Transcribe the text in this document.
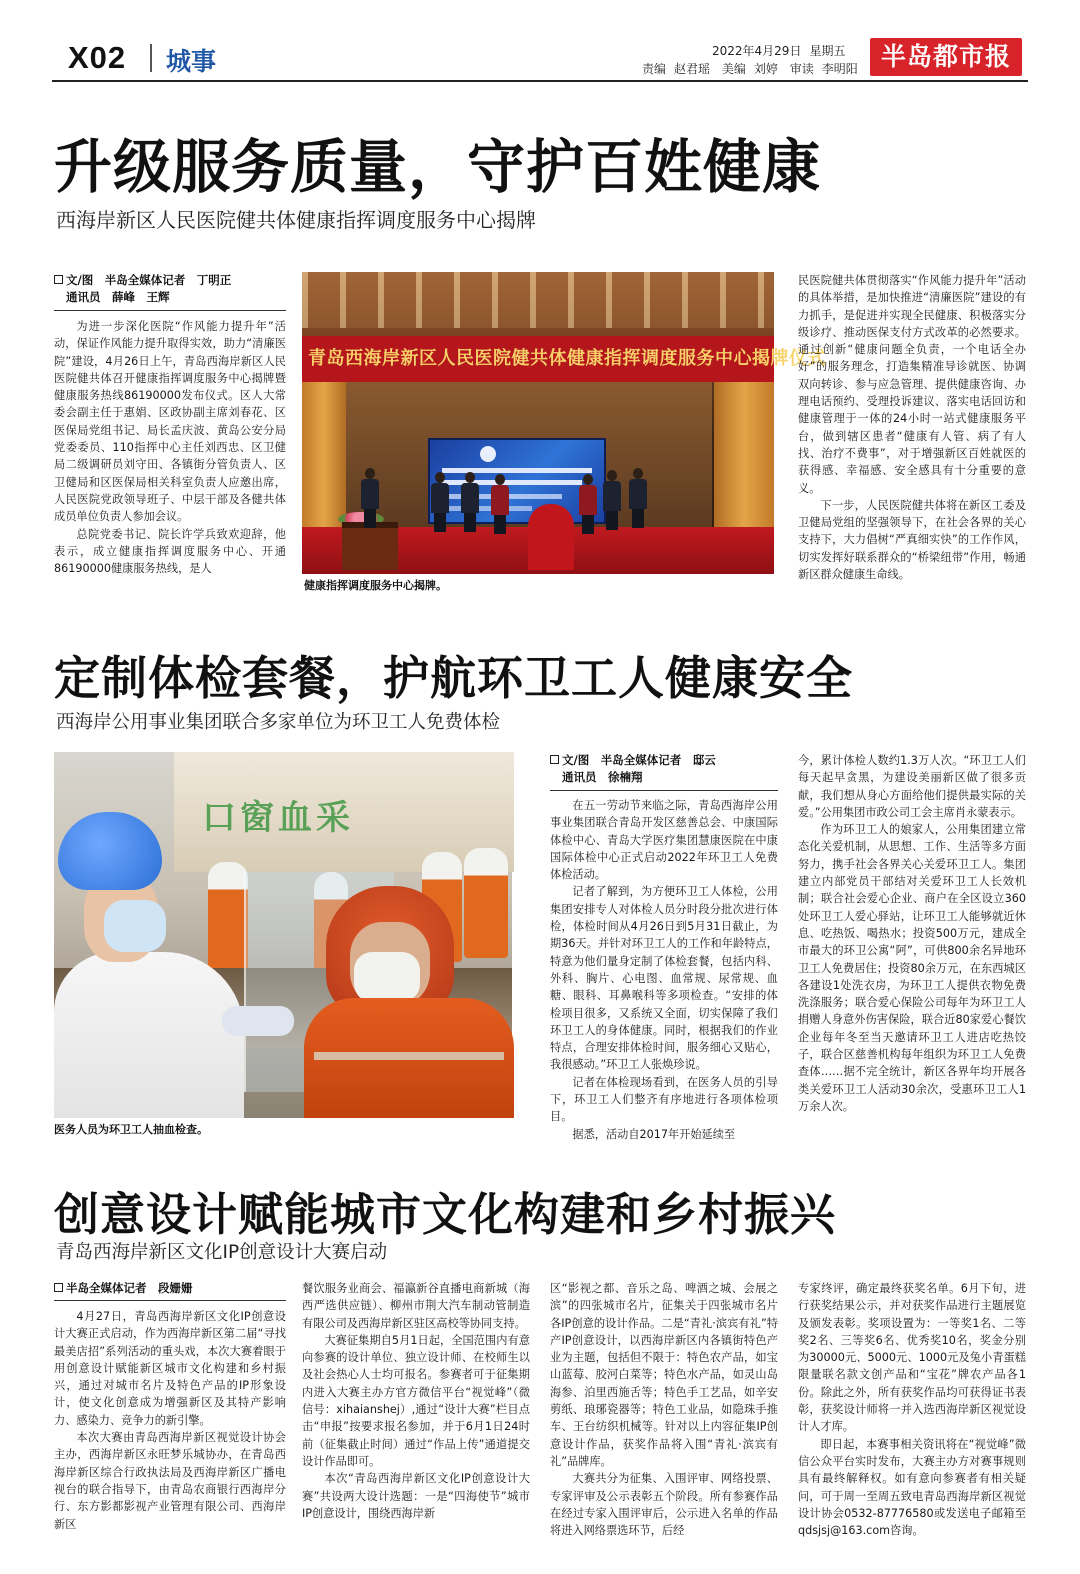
X02 城事	2022年4月29日 星期五
责编 赵君瑶 美编 刘婷 审读 李明阳 半岛都市报
升级服务质量，守护百姓健康
西海岸新区人民医院健共体健康指挥调度服务中心揭牌
文/图　半岛全媒体记者　丁明正
通讯员　薛峰　王辉

为进一步深化医院“作风能力提升年”活动，保证作风能力提升取得实效，助力“清廉医院”建设，4月26日上午，青岛西海岸新区人民医院健共体召开健康指挥调度服务中心揭牌暨健康服务热线86190000发布仪式。区人大常委会副主任于惠娟、区政协副主席刘春花、区医保局党组书记、局长孟庆波、黄岛公安分局党委委员、110指挥中心主任刘西忠、区卫健局二级调研员刘守田、各镇街分管负责人、区卫健局和区医保局相关科室负责人应邀出席，人民医院党政领导班子、中层干部及各健共体成员单位负责人参加会议。

总院党委书记、院长许学兵致欢迎辞，他表示，成立健康指挥调度服务中心、开通86190000健康服务热线，是人

青岛西海岸新区人民医院健共体健康指挥调度服务中心揭牌仪式
健康指挥调度服务中心揭牌。

民医院健共体贯彻落实“作风能力提升年”活动的具体举措，是加快推进“清廉医院”建设的有力抓手，是促进并实现全民健康、积极落实分级诊疗、推动医保支付方式改革的必然要求。通过创新“健康问题全负责，一个电话全办好”的服务理念，打造集精准导诊就医、协调双向转诊、参与应急管理、提供健康咨询、办理电话预约、受理投诉建议、落实电话回访和健康管理于一体的24小时一站式健康服务平台，做到辖区患者“健康有人管、病了有人找、治疗不费事”，对于增强新区百姓就医的获得感、幸福感、安全感具有十分重要的意义。

下一步，人民医院健共体将在新区工委及卫健局党组的坚强领导下，在社会各界的关心支持下，大力倡树“严真细实快”的工作作风，切实发挥好联系群众的“桥梁纽带”作用，畅通新区群众健康生命线。

定制体检套餐，护航环卫工人健康安全
西海岸公用事业集团联合多家单位为环卫工人免费体检
口窗血采
医务人员为环卫工人抽血检查。
文/图　半岛全媒体记者　邸云
通讯员　徐楠翔

在五一劳动节来临之际，青岛西海岸公用事业集团联合青岛开发区慈善总会、中康国际体检中心、青岛大学医疗集团慧康医院在中康国际体检中心正式启动2022年环卫工人免费体检活动。

记者了解到，为方便环卫工人体检，公用集团安排专人对体检人员分时段分批次进行体检，体检时间从4月26日到5月31日截止，为期36天。并针对环卫工人的工作和年龄特点，特意为他们量身定制了体检套餐，包括内科、外科、胸片、心电图、血常规、尿常规、血糖、眼科、耳鼻喉科等多项检查。“安排的体检项目很多，又系统又全面，切实保障了我们环卫工人的身体健康。同时，根据我们的作业特点，合理安排体检时间，服务细心又贴心，我很感动。”环卫工人张焕珍说。

记者在体检现场看到，在医务人员的引导下，环卫工人们整齐有序地进行各项体检项目。

据悉，活动自2017年开始延续至

今，累计体检人数约1.3万人次。“环卫工人们每天起早贪黑，为建设美丽新区做了很多贡献，我们想从身心方面给他们提供最实际的关爱。”公用集团市政公司工会主席肖永蒙表示。

作为环卫工人的娘家人，公用集团建立常态化关爱机制，从思想、工作、生活等多方面努力，携手社会各界关心关爱环卫工人。集团建立内部党员干部结对关爱环卫工人长效机制；联合社会爱心企业、商户在全区设立360处环卫工人爱心驿站，让环卫工人能够就近休息、吃热饭、喝热水；投资500万元，建成全市最大的环卫公寓“阿”，可供800余名异地环卫工人免费居住；投资80余万元，在东西城区各建设1处洗衣房，为环卫工人提供衣物免费洗涤服务；联合爱心保险公司每年为环卫工人捐赠人身意外伤害保险，联合近80家爱心餐饮企业每年冬至当天邀请环卫工人进店吃热饺子，联合区慈善机构每年组织为环卫工人免费查体……据不完全统计，新区各界年均开展各类关爱环卫工人活动30余次，受惠环卫工人1万余人次。

创意设计赋能城市文化构建和乡村振兴
青岛西海岸新区文化IP创意设计大赛启动
半岛全媒体记者　段姗姗

4月27日，青岛西海岸新区文化IP创意设计大赛正式启动，作为西海岸新区第二届“寻找最美店招”系列活动的重头戏，本次大赛着眼于用创意设计赋能新区城市文化构建和乡村振兴，通过对城市名片及特色产品的IP形象设计，使文化创意成为增强新区及其特产影响力、感染力、竞争力的新引擎。

本次大赛由青岛西海岸新区视觉设计协会主办，西海岸新区永旺梦乐城协办，在青岛西海岸新区综合行政执法局及西海岸新区广播电视台的联合指导下，由青岛农商银行西海岸分行、东方影都影视产业管理有限公司、西海岸新区

餐饮服务业商会、福瀛新谷直播电商新城（海西严选供应链）、柳州市荆大汽车制动管制造有限公司及西海岸新区驻区高校等协同支持。

大赛征集期自5月1日起，全国范围内有意向参赛的设计单位、独立设计师、在校师生以及社会热心人士均可报名。参赛者可于征集期内进入大赛主办方官方微信平台“视觉峰”（微信号：xihaianshej）,通过“设计大赛”栏目点击“申报”按要求报名参加，并于6月1日24时前（征集截止时间）通过“作品上传”通道提交设计作品即可。

本次“青岛西海岸新区文化IP创意设计大赛”共设两大设计选题：一是“四海使节”城市IP创意设计，围绕西海岸新

区“影视之都、音乐之岛、啤酒之城、会展之滨”的四张城市名片，征集关于四张城市名片各IP创意的设计作品。二是“青礼·滨宾有礼”特产IP创意设计，以西海岸新区内各镇街特色产业为主题，包括但不限于：特色农产品，如宝山蓝莓、胶河白菜等；特色水产品，如灵山岛海参、泊里西施舌等；特色手工艺品，如辛安剪纸、琅琊瓷器等；特色工业品，如隐珠手推车、王台纺织机械等。针对以上内容征集IP创意设计作品，获奖作品将入围“青礼·滨宾有礼”品牌库。

大赛共分为征集、入围评审、网络投票、专家评审及公示表彰五个阶段。所有参赛作品在经过专家入围评审后，公示进入名单的作品将进入网络票选环节，后经

专家终评，确定最终获奖名单。6月下旬，进行获奖结果公示，并对获奖作品进行主题展览及颁发表彰。奖项设置为：一等奖1名、二等奖2名、三等奖6名、优秀奖10名，奖金分别为30000元、5000元、1000元及兔小青蛋糕限量联名款文创产品和“宝花”牌农产品各1份。除此之外，所有获奖作品均可获得证书表彰，获奖设计师将一并入选西海岸新区视觉设计人才库。

即日起，本赛事相关资讯将在“视觉峰”微信公众平台实时发布，大赛主办方对赛事规则具有最终解释权。如有意向参赛者有相关疑问，可于周一至周五致电青岛西海岸新区视觉设计协会0532-87776580或发送电子邮箱至qdsjsj@163.com咨询。
